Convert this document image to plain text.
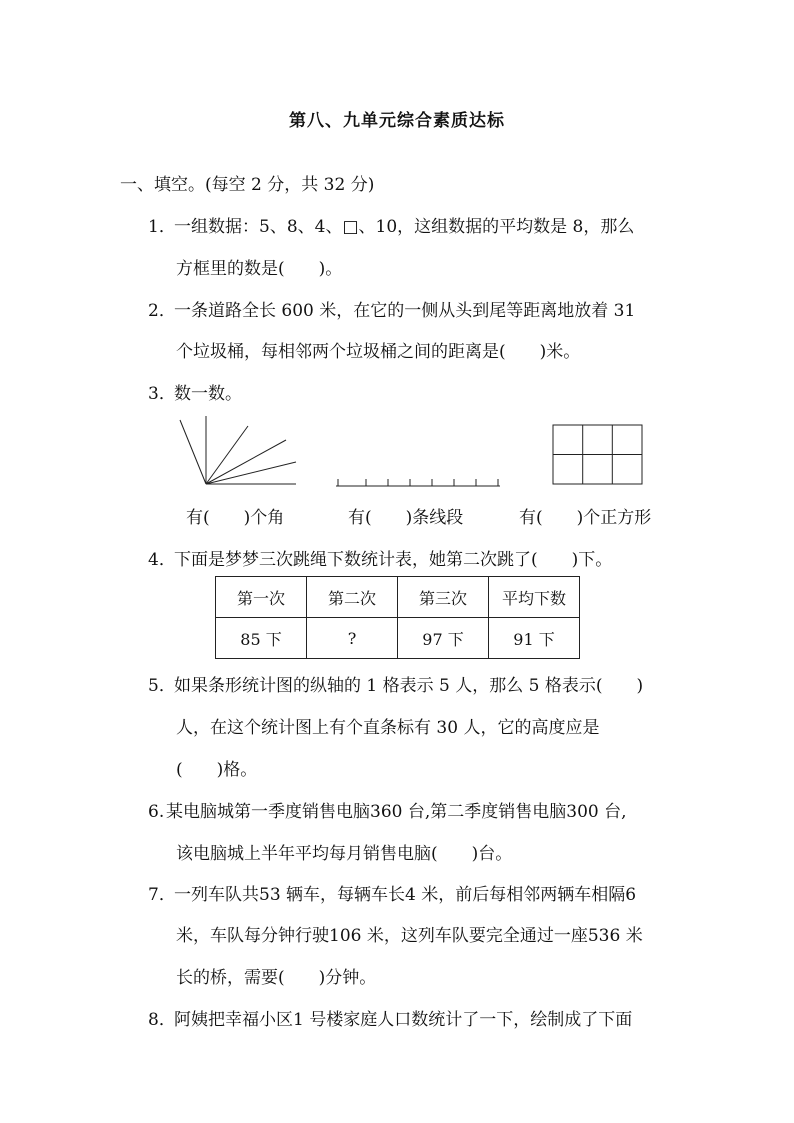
第八、九单元综合素质达标
一、填空。(每空 2 分，共 32 分)
1．一组数据：5、8、4、□、10，这组数据的平均数是 8，那么
方框里的数是(　　)。
2．一条道路全长 600 米，在它的一侧从头到尾等距离地放着 31
个垃圾桶，每相邻两个垃圾桶之间的距离是(　　)米。
3．数一数。
有(　　)个角	有(　　)条线段	有(　　)个正方形
4．下面是梦梦三次跳绳下数统计表，她第二次跳了(　　)下。
第一次	第二次	第三次	平均下数
85 下	?	97 下	91 下
5．如果条形统计图的纵轴的 1 格表示 5 人，那么 5 格表示(　　)
人，在这个统计图上有个直条标有 30 人，它的高度应是
(　　)格。
6. 某电脑城第一季度销售电脑360 台,第二季度销售电脑300 台,
该电脑城上半年平均每月销售电脑(　　)台。
7．一列车队共53 辆车，每辆车长4 米，前后每相邻两辆车相隔6
米，车队每分钟行驶106 米，这列车队要完全通过一座536 米
长的桥，需要(　　)分钟。
8．阿姨把幸福小区1 号楼家庭人口数统计了一下，绘制成了下面
